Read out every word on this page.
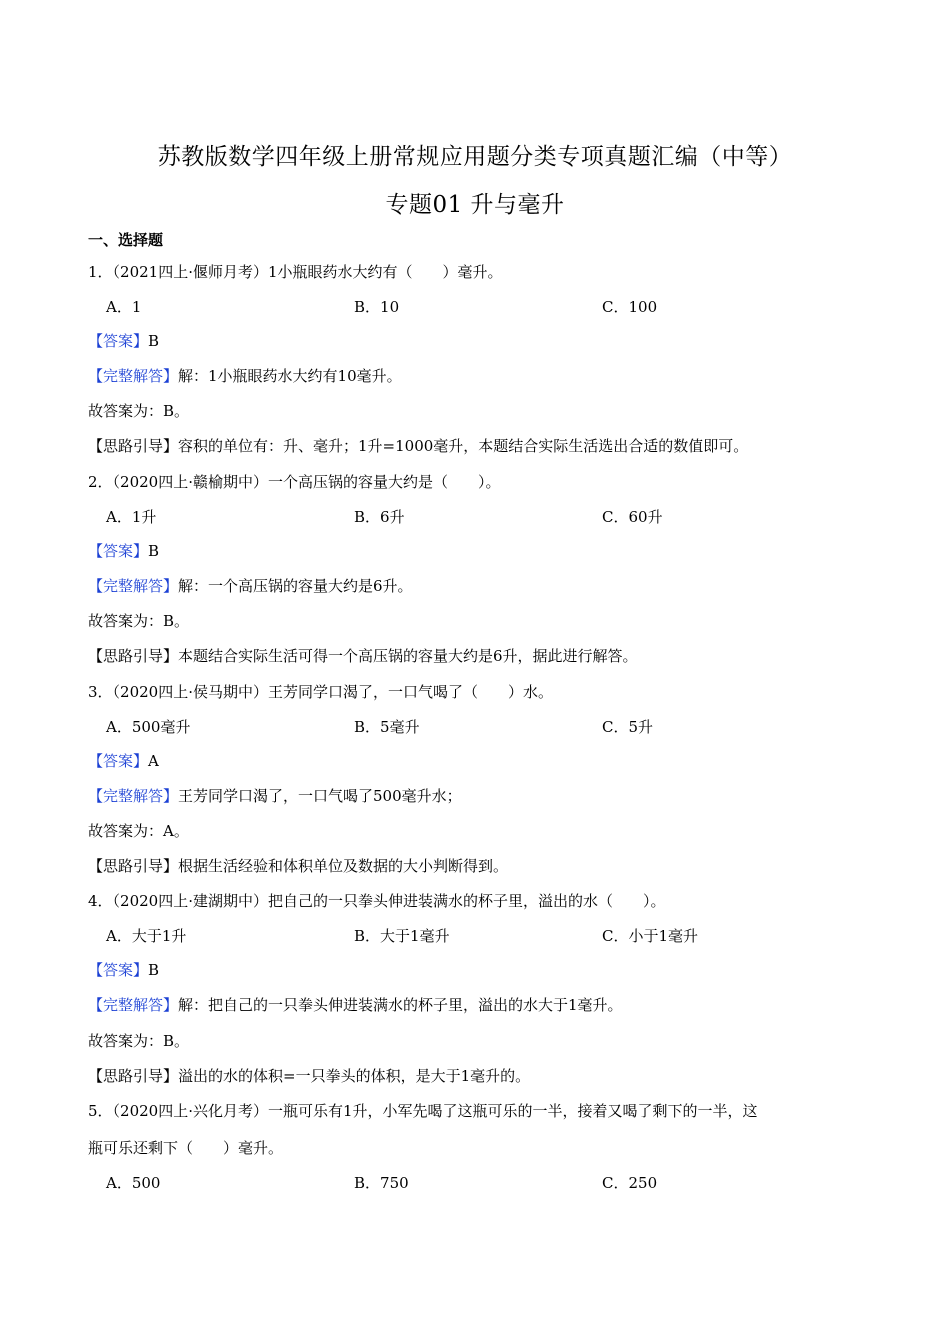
苏教版数学四年级上册常规应用题分类专项真题汇编（中等）
专题01 升与毫升
一、选择题
1．（2021四上·偃师月考）1小瓶眼药水大约有（　　）毫升。
A．1	B．10	C．100
【答案】B
【完整解答】解：1小瓶眼药水大约有10毫升。
故答案为：B。
【思路引导】容积的单位有：升、毫升；1升=1000毫升，本题结合实际生活选出合适的数值即可。
2．（2020四上·赣榆期中）一个高压锅的容量大约是（　　）。
A．1升	B．6升	C．60升
【答案】B
【完整解答】解：一个高压锅的容量大约是6升。
故答案为：B。
【思路引导】本题结合实际生活可得一个高压锅的容量大约是6升，据此进行解答。
3．（2020四上·侯马期中）王芳同学口渴了，一口气喝了（　　）水。
A．500毫升	B．5毫升	C．5升
【答案】A
【完整解答】王芳同学口渴了，一口气喝了500毫升水；
故答案为：A。
【思路引导】根据生活经验和体积单位及数据的大小判断得到。
4．（2020四上·建湖期中）把自己的一只拳头伸进装满水的杯子里，溢出的水（　　）。
A．大于1升	B．大于1毫升	C．小于1毫升
【答案】B
【完整解答】解：把自己的一只拳头伸进装满水的杯子里，溢出的水大于1毫升。
故答案为：B。
【思路引导】溢出的水的体积=一只拳头的体积，是大于1毫升的。
5．（2020四上·兴化月考）一瓶可乐有1升，小军先喝了这瓶可乐的一半，接着又喝了剩下的一半，这
瓶可乐还剩下（　　）毫升。
A．500	B．750	C．250
